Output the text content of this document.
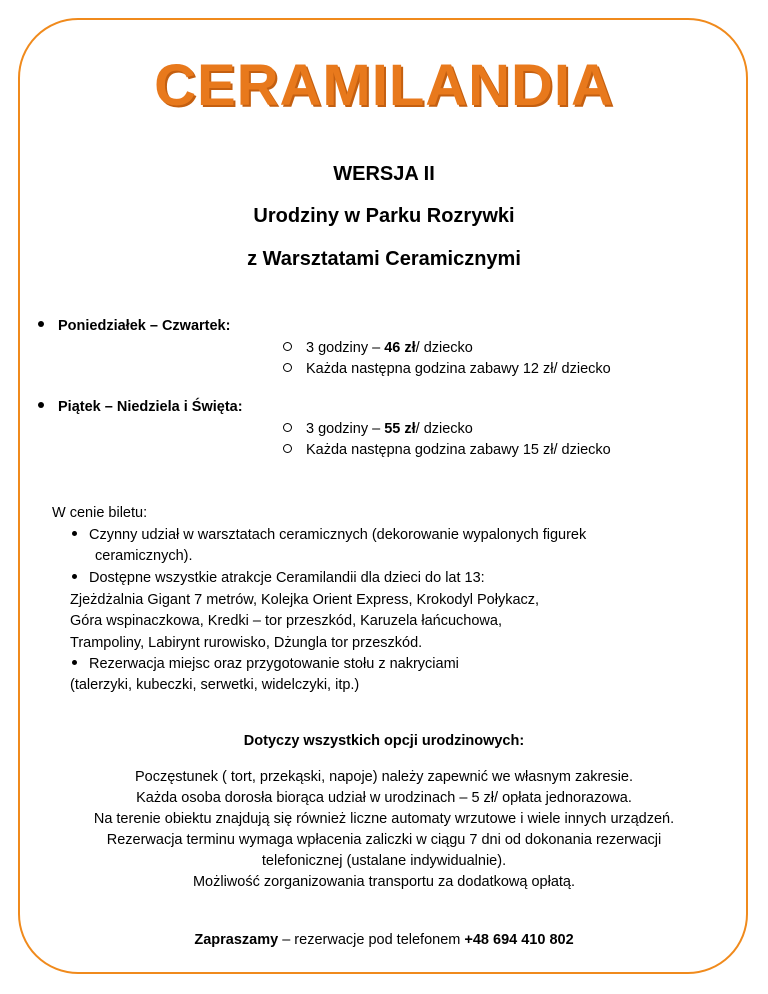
CERAMILANDIA
WERSJA II
Urodziny w Parku Rozrywki
z Warsztatami Ceramicznymi
Poniedziałek – Czwartek:
3 godziny – 46 zł/ dziecko
Każda następna godzina zabawy 12 zł/ dziecko
Piątek – Niedziela i Święta:
3 godziny – 55 zł/ dziecko
Każda następna godzina zabawy 15 zł/ dziecko
W cenie biletu:
Czynny udział w warsztatach ceramicznych (dekorowanie wypalonych figurek
ceramicznych).
Dostępne wszystkie atrakcje Ceramilandii dla dzieci do lat 13:
Zjeżdżalnia Gigant 7 metrów, Kolejka Orient Express, Krokodyl Połykacz,
Góra wspinaczkowa, Kredki – tor przeszkód, Karuzela łańcuchowa,
Trampoliny, Labirynt rurowisko, Dżungla tor przeszkód.
Rezerwacja miejsc oraz przygotowanie stołu z nakryciami
(talerzyki, kubeczki, serwetki, widelczyki, itp.)
Dotyczy wszystkich opcji urodzinowych:
Poczęstunek ( tort, przekąski, napoje) należy zapewnić we własnym zakresie.
Każda osoba dorosła biorąca udział w urodzinach – 5 zł/ opłata jednorazowa.
Na terenie obiektu znajdują się również liczne automaty wrzutowe i wiele innych urządzeń.
Rezerwacja terminu wymaga wpłacenia zaliczki w ciągu 7 dni od dokonania rezerwacji
telefonicznej (ustalane indywidualnie).
Możliwość zorganizowania transportu za dodatkową opłatą.
Zapraszamy – rezerwacje pod telefonem +48 694 410 802
